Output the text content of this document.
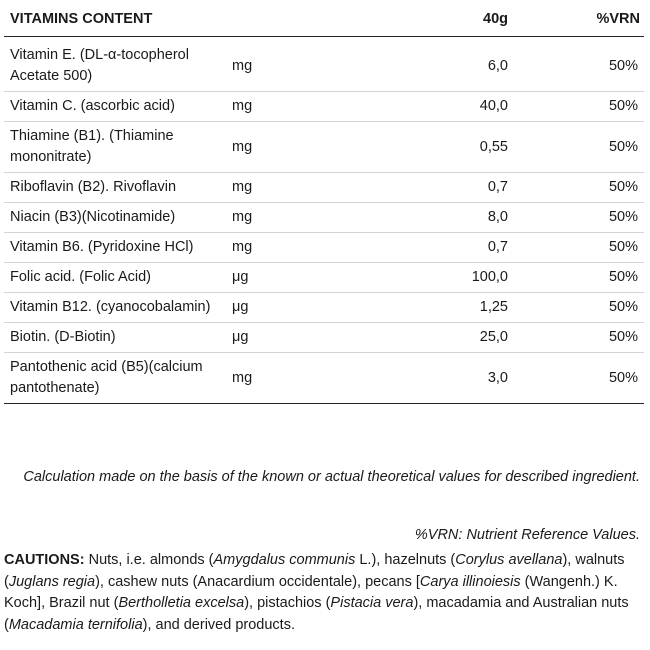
VITAMINS CONTENT		40g	%VRN
Vitamin E. (DL-α-tocopherol Acetate 500)	mg	6,0	50%
Vitamin C. (ascorbic acid)	mg	40,0	50%
Thiamine (B1). (Thiamine mononitrate)	mg	0,55	50%
Riboflavin (B2). Rivoflavin	mg	0,7	50%
Niacin (B3)(Nicotinamide)	mg	8,0	50%
Vitamin B6. (Pyridoxine HCl)	mg	0,7	50%
Folic acid. (Folic Acid)	μg	100,0	50%
Vitamin B12. (cyanocobalamin)	μg	1,25	50%
Biotin. (D-Biotin)	μg	25,0	50%
Pantothenic acid (B5)(calcium pantothenate)	mg	3,0	50%
Calculation made on the basis of the known or actual theoretical values for described ingredient.
%VRN: Nutrient Reference Values.
CAUTIONS: Nuts, i.e. almonds (Amygdalus communis L.), hazelnuts (Corylus avellana), walnuts (Juglans regia), cashew nuts (Anacardium occidentale), pecans [Carya illinoiesis (Wangenh.) K. Koch], Brazil nut (Bertholletia excelsa), pistachios (Pistacia vera), macadamia and Australian nuts (Macadamia ternifolia), and derived products.
